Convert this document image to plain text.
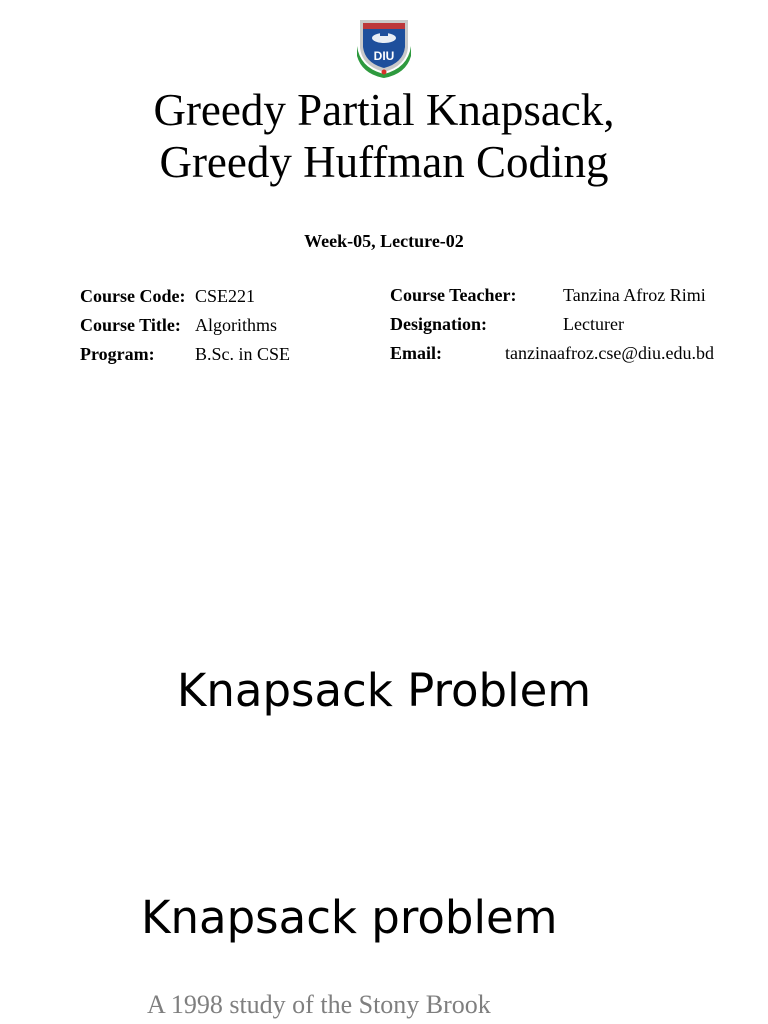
DIU
Greedy Partial Knapsack,
Greedy Huffman Coding
Week-05, Lecture-02
Course Code: CSE221
Course Title: Algorithms
Program: B.Sc. in CSE
Course Teacher:	Tanzina Afroz Rimi
Designation:	Lecturer
Email:	tanzinaafroz.cse@diu.edu.bd
Knapsack Problem
Knapsack problem
A 1998 study of the Stony Brook
